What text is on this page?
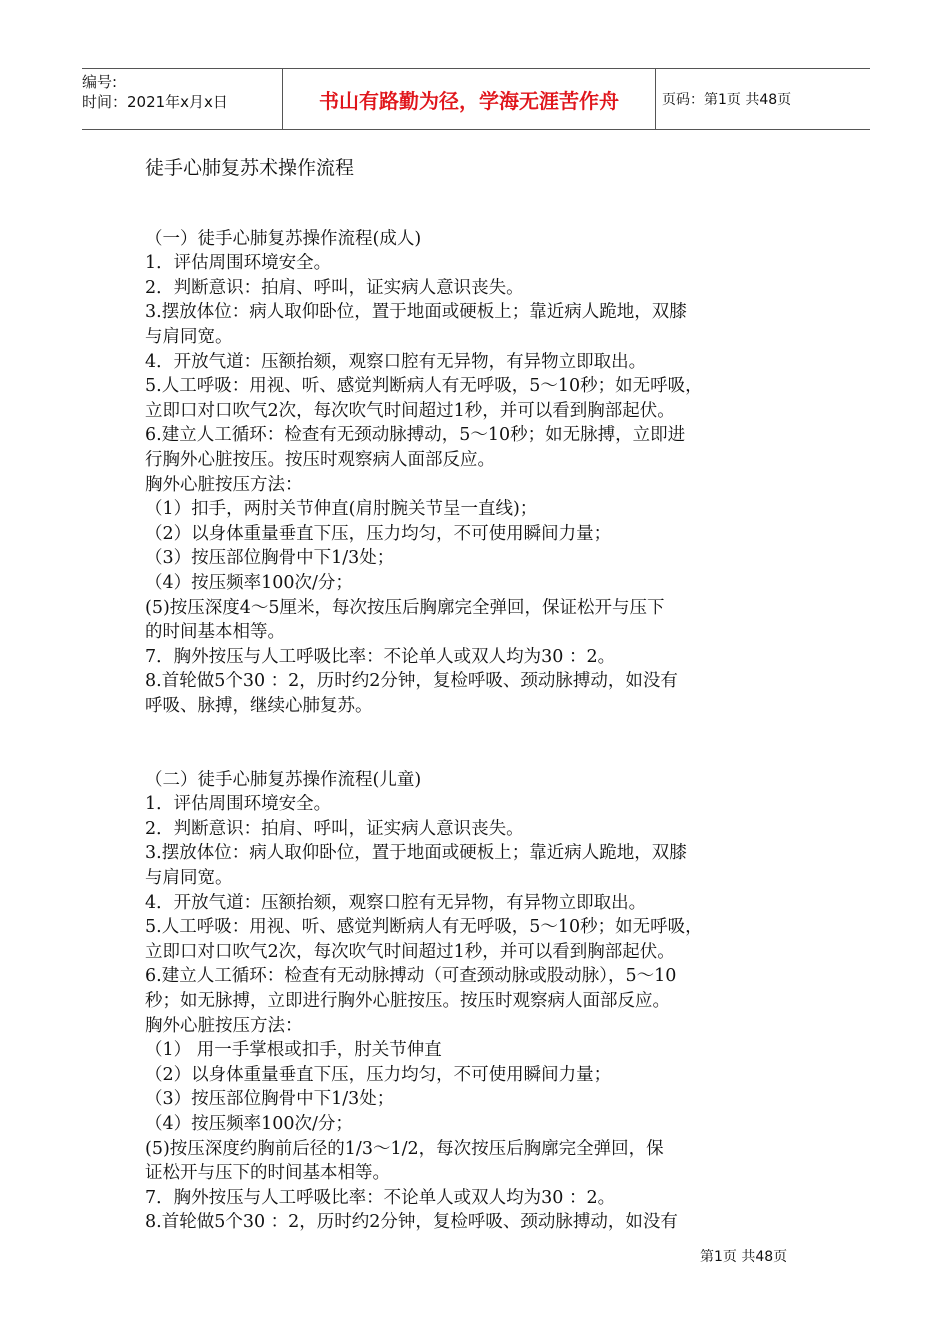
编号:
时间：2021年x月x日	书山有路勤为径，学海无涯苦作舟	页码：第1页 共48页
徒手心肺复苏术操作流程
（一）徒手心肺复苏操作流程(成人)
1．评估周围环境安全。
2．判断意识：拍肩、呼叫，证实病人意识丧失。
3.摆放体位：病人取仰卧位，置于地面或硬板上；靠近病人跪地，双膝
与肩同宽。
4．开放气道：压额抬颏，观察口腔有无异物，有异物立即取出。
5.人工呼吸：用视、听、感觉判断病人有无呼吸，5～10秒；如无呼吸，
立即口对口吹气2次，每次吹气时间超过1秒，并可以看到胸部起伏。
6.建立人工循环：检查有无颈动脉搏动，5～10秒；如无脉搏，立即进
行胸外心脏按压。按压时观察病人面部反应。
胸外心脏按压方法：
（1）扣手，两肘关节伸直(肩肘腕关节呈一直线)；
（2）以身体重量垂直下压，压力均匀，不可使用瞬间力量；
（3）按压部位胸骨中下1/3处；
（4）按压频率100次/分；
(5)按压深度4～5厘米，每次按压后胸廓完全弹回，保证松开与压下
的时间基本相等。
7．胸外按压与人工呼吸比率：不论单人或双人均为30 ：2。
8.首轮做5个30 ：2，历时约2分钟，复检呼吸、颈动脉搏动，如没有
呼吸、脉搏，继续心肺复苏。
（二）徒手心肺复苏操作流程(儿童)
1．评估周围环境安全。
2．判断意识：拍肩、呼叫，证实病人意识丧失。
3.摆放体位：病人取仰卧位，置于地面或硬板上；靠近病人跪地，双膝
与肩同宽。
4．开放气道：压额抬颏，观察口腔有无异物，有异物立即取出。
5.人工呼吸：用视、听、感觉判断病人有无呼吸，5～10秒；如无呼吸，
立即口对口吹气2次，每次吹气时间超过1秒，并可以看到胸部起伏。
6.建立人工循环：检查有无动脉搏动（可查颈动脉或股动脉），5～10
秒；如无脉搏，立即进行胸外心脏按压。按压时观察病人面部反应。
胸外心脏按压方法：
（1） 用一手掌根或扣手，肘关节伸直
（2）以身体重量垂直下压，压力均匀，不可使用瞬间力量；
（3）按压部位胸骨中下1/3处；
（4）按压频率100次/分；
(5)按压深度约胸前后径的1/3～1/2，每次按压后胸廓完全弹回，保
证松开与压下的时间基本相等。
7．胸外按压与人工呼吸比率：不论单人或双人均为30 ：2。
8.首轮做5个30 ：2，历时约2分钟，复检呼吸、颈动脉搏动，如没有
第1页 共48页
